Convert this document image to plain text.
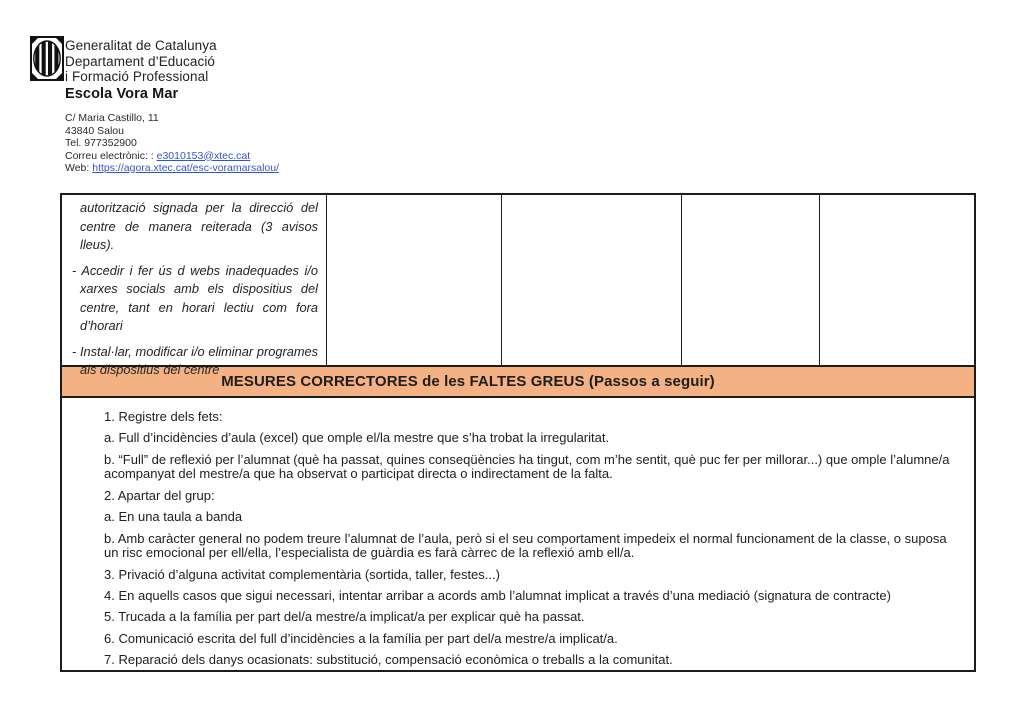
Generalitat de Catalunya
Departament d’Educació
i Formació Professional
Escola Vora Mar
C/ Maria Castillo, 11
43840 Salou
Tel. 977352900
Correu electrònic: : e3010153@xtec.cat
Web: https://agora.xtec.cat/esc-voramarsalou/

autorització signada per la direcció del centre de manera reiterada (3 avisos lleus).

- Accedir i fer ús d webs inadequades i/o xarxes socials amb els dispositius del centre, tant en horari lectiu com fora d’horari

- Instal·lar, modificar i/o eliminar programes als dispositius del centre

MESURES CORRECTORES de les FALTES GREUS (Passos a seguir)

1. Registre dels fets:

a. Full d’incidències d’aula (excel) que omple el/la mestre que s’ha trobat la irregularitat.

b. “Full” de reflexió per l’alumnat (què ha passat, quines conseqüències ha tingut, com m’he sentit, què puc fer per millorar...) que omple l’alumne/a acompanyat del mestre/a que ha observat o participat directa o indirectament de la falta.

2. Apartar del grup:

a. En una taula a banda

b. Amb caràcter general no podem treure l’alumnat de l’aula, però si el seu comportament impedeix el normal funcionament de la classe, o suposa un risc emocional per ell/ella, l’especialista de guàrdia es farà càrrec de la reflexió amb ell/a.

3. Privació d’alguna activitat complementària (sortida, taller, festes...)

4. En aquells casos que sigui necessari, intentar arribar a acords amb l’alumnat implicat a través d’una mediació (signatura de contracte)

5. Trucada a la família per part del/a mestre/a implicat/a per explicar què ha passat.

6. Comunicació escrita del full d’incidències a la família per part del/a mestre/a implicat/a.

7. Reparació dels danys ocasionats: substitució, compensació econòmica o treballs a la comunitat.
